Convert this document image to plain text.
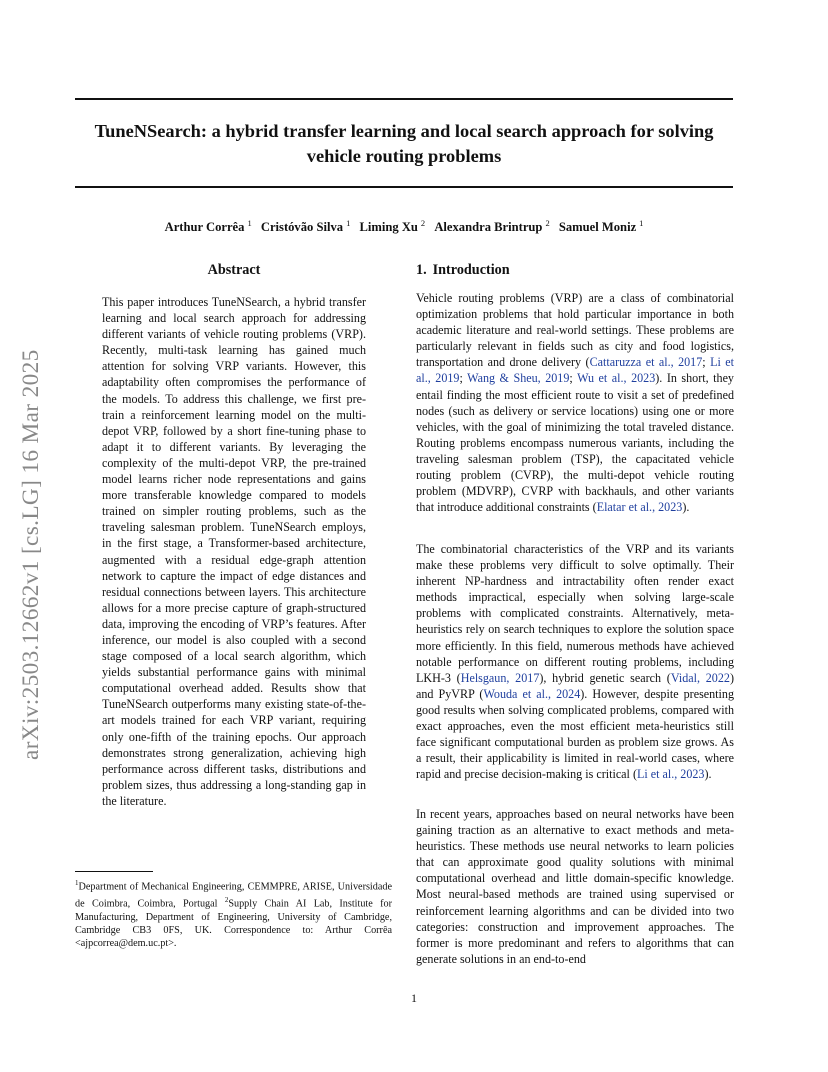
TuneNSearch: a hybrid transfer learning and local search approach for solving vehicle routing problems
Arthur Corrêa $^1$ Cristóvão Silva $^1$ Liming Xu $^2$ Alexandra Brintrup $^2$ Samuel Moniz $^1$
arXiv:2503.12662v1 [cs.LG] 16 Mar 2025
Abstract

This paper introduces TuneNSearch, a hybrid transfer learning and local search approach for addressing different variants of vehicle routing problems (VRP). Recently, multi-task learning has gained much attention for solving VRP variants. However, this adaptability often compromises the performance of the models. To address this challenge, we first pre-train a reinforcement learning model on the multi-depot VRP, followed by a short fine-tuning phase to adapt it to different variants. By leveraging the complexity of the multi-depot VRP, the pre-trained model learns richer node representations and gains more transferable knowledge compared to models trained on simpler routing problems, such as the traveling salesman problem. TuneNSearch employs, in the first stage, a Transformer-based architecture, augmented with a residual edge-graph attention network to capture the impact of edge distances and residual connections between layers. This architecture allows for a more precise capture of graph-structured data, improving the encoding of VRP’s features. After inference, our model is also coupled with a second stage composed of a local search algorithm, which yields substantial performance gains with minimal computational overhead added. Results show that TuneNSearch outperforms many existing state-of-the-art models trained for each VRP variant, requiring only one-fifth of the training epochs. Our approach demonstrates strong generalization, achieving high performance across different tasks, distributions and problem sizes, thus addressing a long-standing gap in the literature.

1. Introduction

Vehicle routing problems (VRP) are a class of combinatorial optimization problems that hold particular importance in both academic literature and real-world settings. These problems are particularly relevant in fields such as city and food logistics, transportation and drone delivery (Cattaruzza et al., 2017; Li et al., 2019; Wang & Sheu, 2019; Wu et al., 2023). In short, they entail finding the most efficient route to visit a set of predefined nodes (such as delivery or service locations) using one or more vehicles, with the goal of minimizing the total traveled distance. Routing problems encompass numerous variants, including the traveling salesman problem (TSP), the capacitated vehicle routing problem (CVRP), the multi-depot vehicle routing problem (MDVRP), CVRP with backhauls, and other variants that introduce additional constraints (Elatar et al., 2023).

The combinatorial characteristics of the VRP and its variants make these problems very difficult to solve optimally. Their inherent NP-hardness and intractability often render exact methods impractical, especially when solving large-scale problems with complicated constraints. Alternatively, meta-heuristics rely on search techniques to explore the solution space more efficiently. In this field, numerous methods have achieved notable performance on different routing problems, including LKH-3 (Helsgaun, 2017), hybrid genetic search (Vidal, 2022) and PyVRP (Wouda et al., 2024). However, despite presenting good results when solving complicated problems, compared with exact approaches, even the most efficient meta-heuristics still face significant computational burden as problem size grows. As a result, their applicability is limited in real-world cases, where rapid and precise decision-making is critical (Li et al., 2023).

In recent years, approaches based on neural networks have been gaining traction as an alternative to exact methods and meta-heuristics. These methods use neural networks to learn policies that can approximate good quality solutions with minimal computational overhead and little domain-specific knowledge. Most neural-based methods are trained using supervised or reinforcement learning algorithms and can be divided into two categories: construction and improvement approaches. The former is more predominant and refers to algorithms that can generate solutions in an end-to-end

$^1$Department of Mechanical Engineering, CEMMPRE, ARISE, Universidade de Coimbra, Coimbra, Portugal $^2$Supply Chain AI Lab, Institute for Manufacturing, Department of Engineering, University of Cambridge, Cambridge CB3 0FS, UK. Correspondence to: Arthur Corrêa <ajpcorrea@dem.uc.pt>.

1
